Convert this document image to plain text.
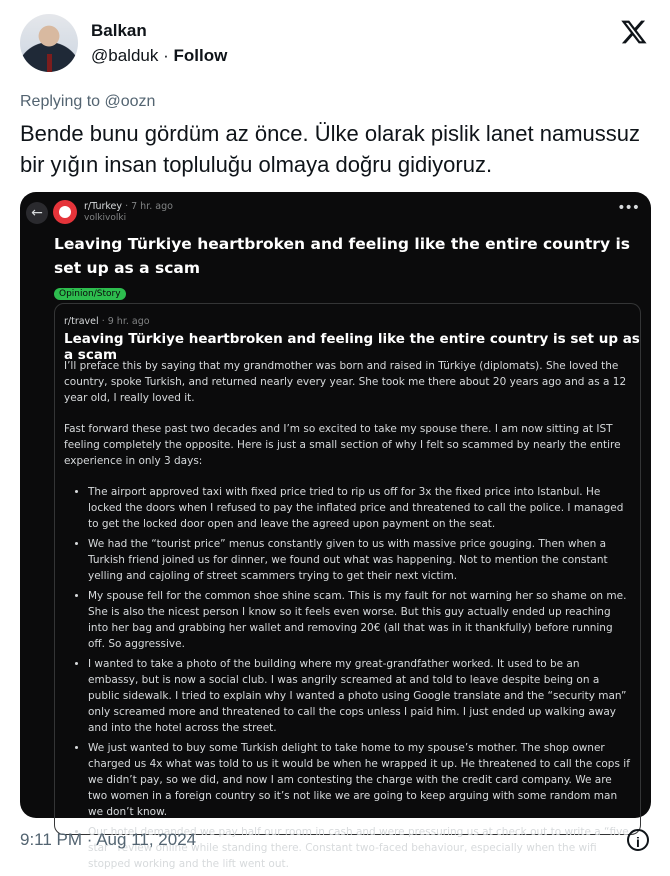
Balkan
@balduk · Follow
Replying to @oozn
Bende bunu gördüm az önce. Ülke olarak pislik lanet namussuz bir yığın insan topluluğu olmaya doğru gidiyoruz.
←	r/Turkey · 7 hr. ago
volkivolki
•••
Leaving Türkiye heartbroken and feeling like the entire country is set up as a scam
Opinion/Story
r/travel · 9 hr. ago
Leaving Türkiye heartbroken and feeling like the entire country is set up as a scam

I’ll preface this by saying that my grandmother was born and raised in Türkiye (diplomats). She loved the country, spoke Turkish, and returned nearly every year. She took me there about 20 years ago and as a 12 year old, I really loved it.

Fast forward these past two decades and I’m so excited to take my spouse there. I am now sitting at IST feeling completely the opposite. Here is just a small section of why I felt so scammed by nearly the entire experience in only 3 days:

• The airport approved taxi with fixed price tried to rip us off for 3x the fixed price into Istanbul. He locked the doors when I refused to pay the inflated price and threatened to call the police. I managed to get the locked door open and leave the agreed upon payment on the seat.
• We had the “tourist price” menus constantly given to us with massive price gouging. Then when a Turkish friend joined us for dinner, we found out what was happening. Not to mention the constant yelling and cajoling of street scammers trying to get their next victim.
• My spouse fell for the common shoe shine scam. This is my fault for not warning her so shame on me. She is also the nicest person I know so it feels even worse. But this guy actually ended up reaching into her bag and grabbing her wallet and removing 20€ (all that was in it thankfully) before running off. So aggressive.
• I wanted to take a photo of the building where my great-grandfather worked. It used to be an embassy, but is now a social club. I was angrily screamed at and told to leave despite being on a public sidewalk. I tried to explain why I wanted a photo using Google translate and the “security man” only screamed more and threatened to call the cops unless I paid him. I just ended up walking away and into the hotel across the street.
• We just wanted to buy some Turkish delight to take home to my spouse’s mother. The shop owner charged us 4x what was told to us it would be when he wrapped it up. He threatened to call the cops if we didn’t pay, so we did, and now I am contesting the charge with the credit card company. We are two women in a foreign country so it’s not like we are going to keep arguing with some random man we don’t know.
• Our hotel demanded we pay half our room in cash and were pressuring us at check out to write a “five star” review online while standing there. Constant two-faced behaviour, especially when the wifi stopped working and the lift went out.
9:11 PM · Aug 11, 2024	i
